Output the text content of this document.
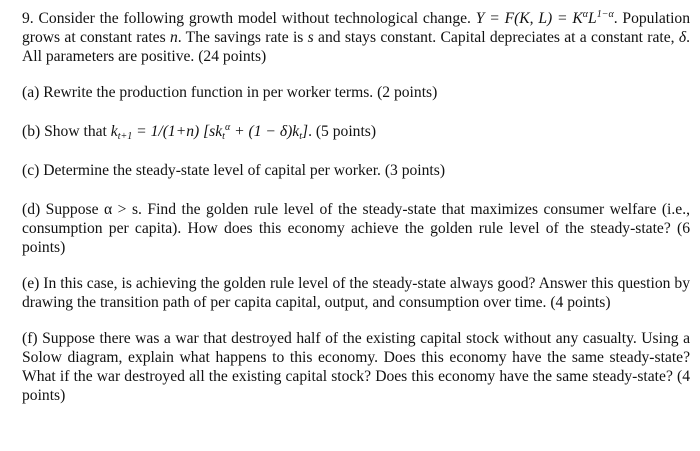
9. Consider the following growth model without technological change. Y = F(K, $L) = K^\alpha L^{1-\alpha}$. Population grows at constant rates n. The savings rate is s and stays constant. Capital depreciates at a constant rate, δ. All parameters are positive. (24 points)

(a) Rewrite the production function in per worker terms. (2 points)

(b) Show that $k_{t+1} = 1/(1+n) [sk_t^\alpha + (1 - \delta)k_t]$. (5 points)

(c) Determine the steady-state level of capital per worker. (3 points)

(d) Suppose α > s. Find the golden rule level of the steady-state that maximizes consumer welfare (i.e., consumption per capita). How does this economy achieve the golden rule level of the steady-state? (6 points)

(e) In this case, is achieving the golden rule level of the steady-state always good? Answer this question by drawing the transition path of per capita capital, output, and consumption over time. (4 points)

(f) Suppose there was a war that destroyed half of the existing capital stock without any casualty. Using a Solow diagram, explain what happens to this economy. Does this economy have the same steady-state? What if the war destroyed all the existing capital stock? Does this economy have the same steady-state? (4 points)
